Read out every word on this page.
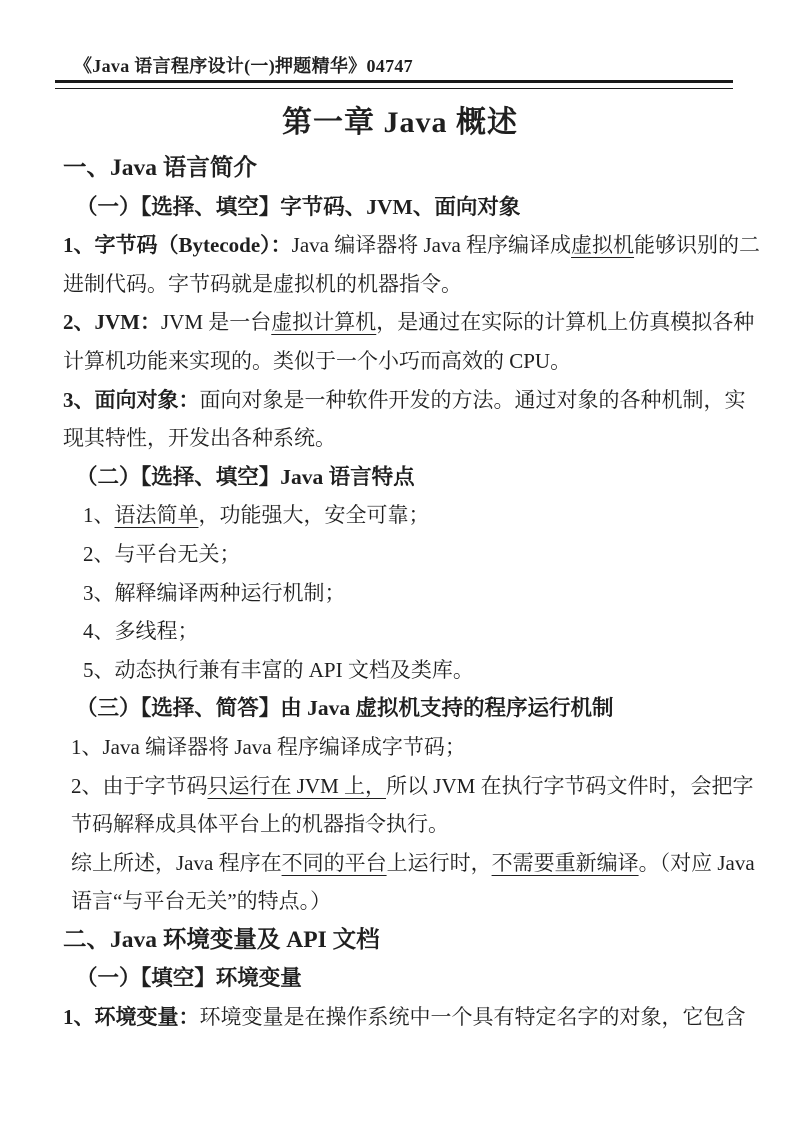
《Java 语言程序设计(一)押题精华》04747
第一章 Java 概述
一、Java 语言简介
（一）【选择、填空】字节码、JVM、面向对象
1、字节码（Bytecode）：Java 编译器将 Java 程序编译成虚拟机能够识别的二
进制代码。字节码就是虚拟机的机器指令。
2、JVM：JVM 是一台虚拟计算机，是通过在实际的计算机上仿真模拟各种
计算机功能来实现的。类似于一个小巧而高效的 CPU。
3、面向对象：面向对象是一种软件开发的方法。通过对象的各种机制，实
现其特性，开发出各种系统。
（二）【选择、填空】Java 语言特点
1、语法简单，功能强大，安全可靠；
2、与平台无关；
3、解释编译两种运行机制；
4、多线程；
5、动态执行兼有丰富的 API 文档及类库。
（三）【选择、简答】由 Java 虚拟机支持的程序运行机制
1、Java 编译器将 Java 程序编译成字节码；
2、由于字节码只运行在 JVM 上，所以 JVM 在执行字节码文件时，会把字
节码解释成具体平台上的机器指令执行。
综上所述，Java 程序在不同的平台上运行时，不需要重新编译。（对应 Java
语言“与平台无关”的特点。）
二、Java 环境变量及 API 文档
（一）【填空】环境变量
1、环境变量：环境变量是在操作系统中一个具有特定名字的对象，它包含
